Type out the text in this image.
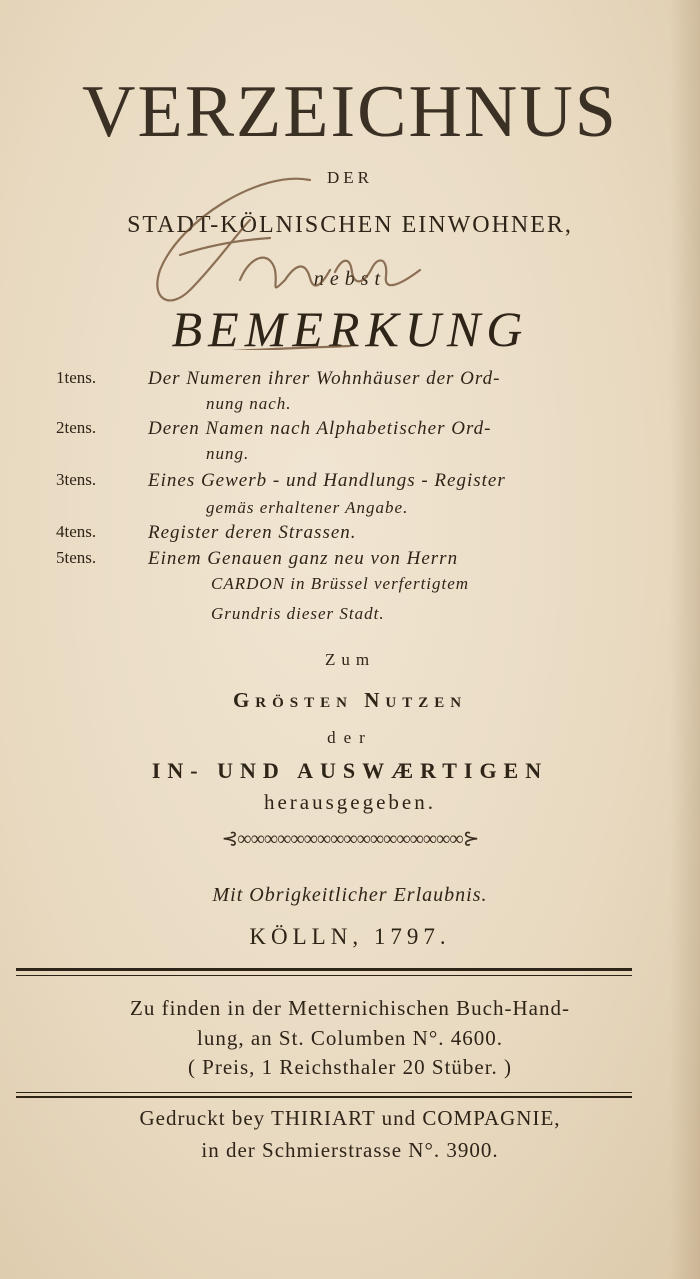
VERZEICHNUS
DER
STADT-KÖLNISCHEN EINWOHNER,
nebst
BEMERKUNG
1tens.	Der Numeren ihrer Wohnhäuser der Ord-
nung nach.
2tens.	Deren Namen nach Alphabetischer Ord-
nung.
3tens.	Eines Gewerb - und Handlungs - Register
gemäs erhaltener Angabe.
4tens.	Register deren Strassen.
5tens.	Einem Genauen ganz neu von Herrn
CARDON in Brüssel verfertigtem
Grundris dieser Stadt.
Zum
Grösten Nutzen
der
IN- UND AUSWÆRTIGEN
herausgegeben.
⊰∞∞∞∞∞∞∞∞∞∞∞∞∞∞∞∞∞⊱
Mit Obrigkeitlicher Erlaubnis.
KÖLLN, 1797.
Zu finden in der Metternichischen Buch-Hand-
lung, an St. Columben N°. 4600.
( Preis, 1 Reichsthaler 20 Stüber. )
Gedruckt bey THIRIART und COMPAGNIE,
in der Schmierstrasse N°. 3900.
